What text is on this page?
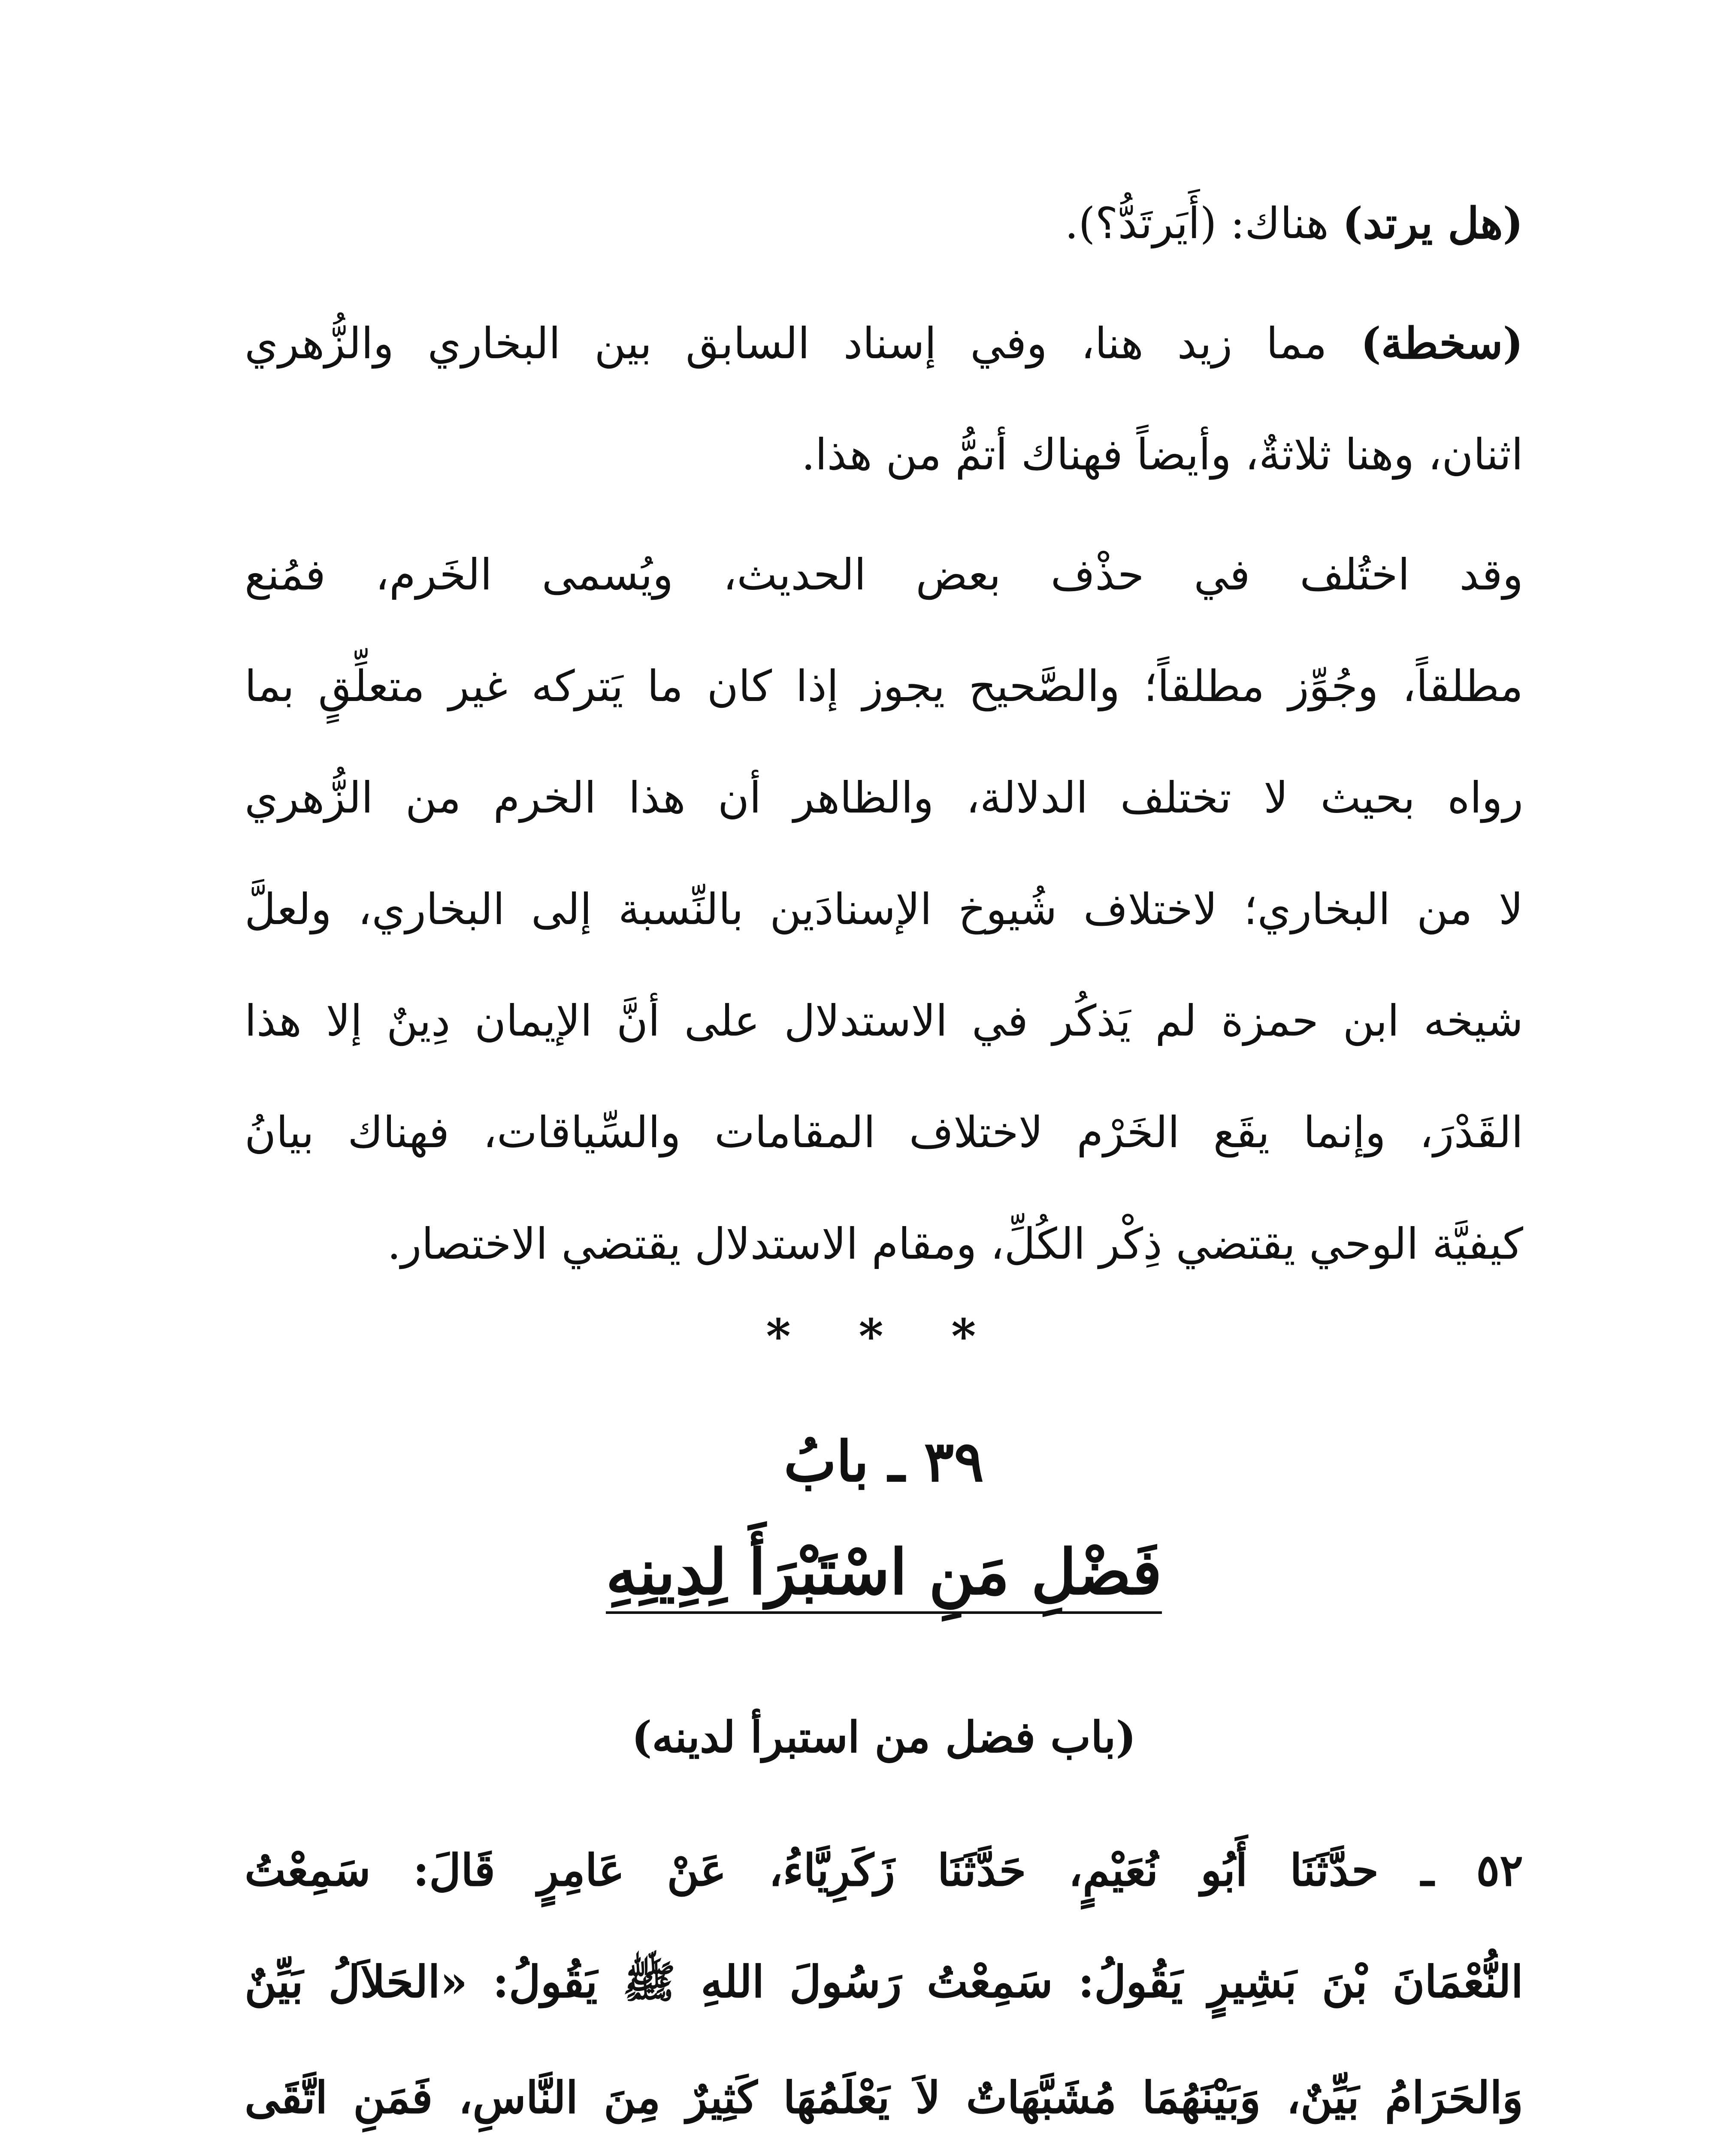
(هل يرتد) هناك: (أَيَرتَدُّ؟).
(سخطة) مما زيد هنا، وفي إسناد السابق بين البخاري والزُّهري
اثنان، وهنا ثلاثةٌ، وأيضاً فهناك أتمُّ من هذا.
وقد اختُلف في حذْف بعض الحديث، ويُسمى الخَرم، فمُنع
مطلقاً، وجُوِّز مطلقاً؛ والصَّحيح يجوز إذا كان ما يَتركه غير متعلِّقٍ بما
رواه بحيث لا تختلف الدلالة، والظاهر أن هذا الخرم من الزُّهري
لا من البخاري؛ لاختلاف شُيوخ الإسنادَين بالنِّسبة إلى البخاري، ولعلَّ
شيخه ابن حمزة لم يَذكُر في الاستدلال على أنَّ الإيمان دِينٌ إلا هذا
القَدْرَ، وإنما يقَع الخَرْم لاختلاف المقامات والسِّياقات، فهناك بيانُ
كيفيَّة الوحي يقتضي ذِكْر الكُلِّ، ومقام الاستدلال يقتضي الاختصار.
* * *
٣٩ ـ بابُ
فَضْلِ مَنِ اسْتَبْرَأَ لِدِينِهِ
(باب فضل من استبرأ لدينه)
٥٢ ـ حدَّثَنَا أَبُو نُعَيْمٍ، حَدَّثَنَا زَكَرِيَّاءُ، عَنْ عَامِرٍ قَالَ: سَمِعْتُ
النُّعْمَانَ بْنَ بَشِيرٍ يَقُولُ: سَمِعْتُ رَسُولَ اللهِ ﷺ يَقُولُ: «الحَلاَلُ بَيِّنٌ
وَالحَرَامُ بَيِّنٌ، وَبَيْنَهُمَا مُشَبَّهَاتٌ لاَ يَعْلَمُهَا كَثِيرٌ مِنَ النَّاسِ، فَمَنِ اتَّقَى
